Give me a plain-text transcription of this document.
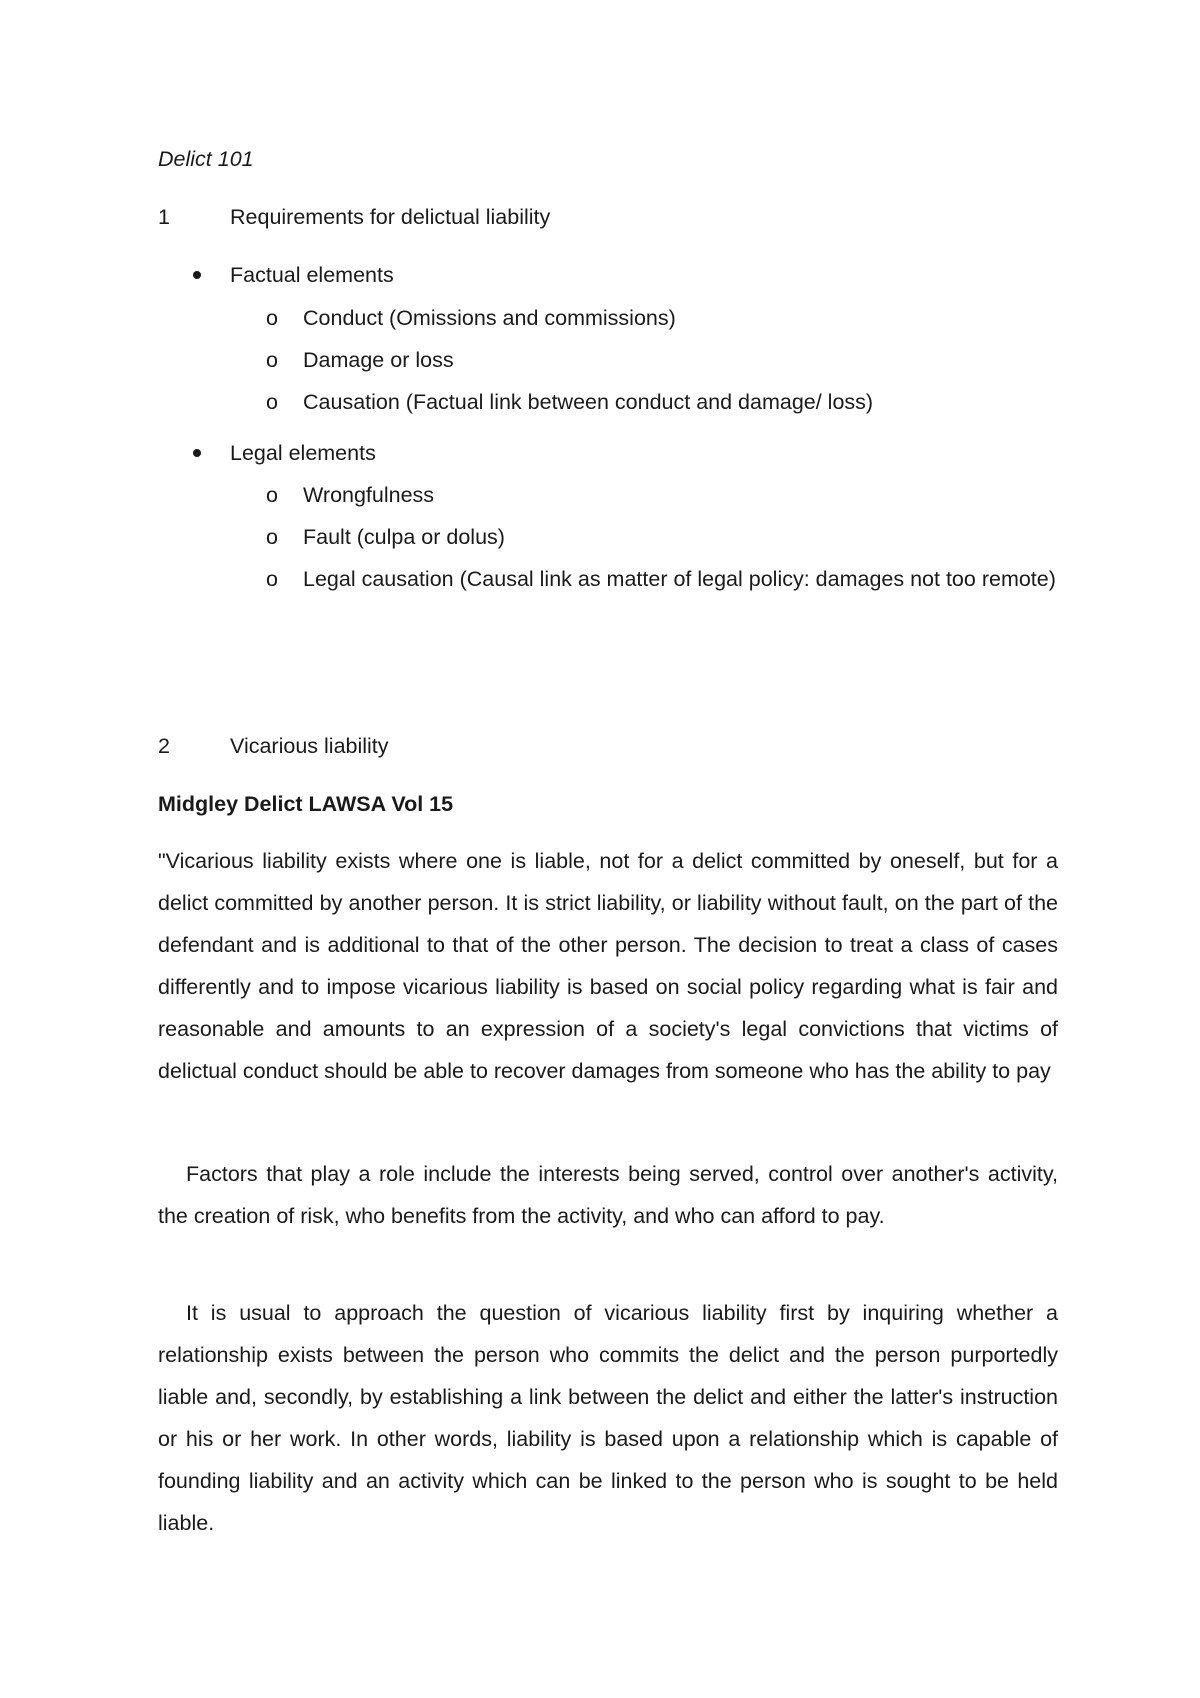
Delict 101
1	Requirements for delictual liability
Factual elements
o Conduct (Omissions and commissions)
o Damage or loss
o Causation (Factual link between conduct and damage/ loss)
Legal elements
o Wrongfulness
o Fault (culpa or dolus)
o Legal causation (Causal link as matter of legal policy: damages not too remote)
2	Vicarious liability
Midgley Delict LAWSA Vol 15

"Vicarious liability exists where one is liable, not for a delict committed by oneself, but for a delict committed by another person. It is strict liability, or liability without fault, on the part of the defendant and is additional to that of the other person. The decision to treat a class of cases differently and to impose vicarious liability is based on social policy regarding what is fair and reasonable and amounts to an expression of a society's legal convictions that victims of delictual conduct should be able to recover damages from someone who has the ability to pay

Factors that play a role include the interests being served, control over another's activity, the creation of risk, who benefits from the activity, and who can afford to pay.

It is usual to approach the question of vicarious liability first by inquiring whether a relationship exists between the person who commits the delict and the person purportedly liable and, secondly, by establishing a link between the delict and either the latter's instruction or his or her work. In other words, liability is based upon a relationship which is capable of founding liability and an activity which can be linked to the person who is sought to be held liable.
